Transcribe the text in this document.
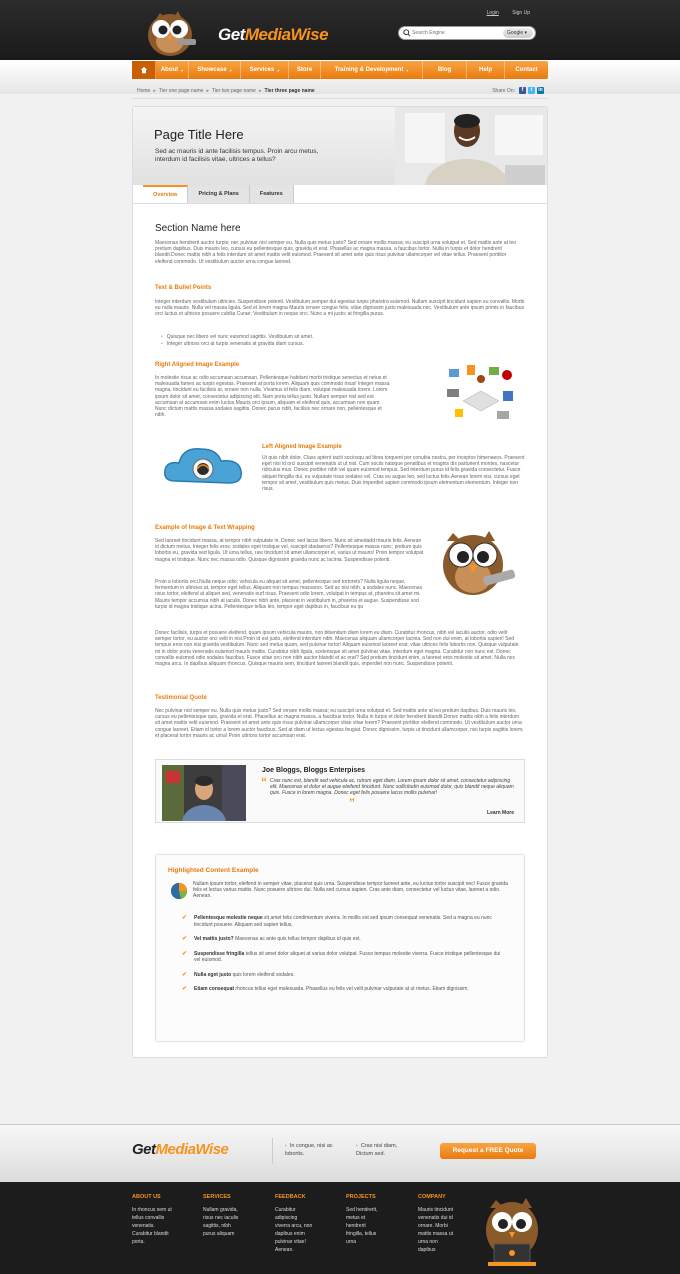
GetMediaWise
Login	Sign Up
Search Engine
Google ▾
About ▾ Showcase ▾	Services ▾	Store	Training & Development ▾	Blog	Help	Contact
Home ▸ Tier one page name ▸ Tier two page name ▸ Tier three page name	Share On:	f	t	in
Page Title Here
Sed ac mauris id ante facilisis tempus. Proin arcu metus, interdum id facilisis vitae, ultrices a tellus?
Overview	Pricing & Plans	Features
Section Name here
Maecenas hendrerit auctor turpis; nec pulvinar nisl semper eu. Nulla quis metus justo? Sed ornare mollis massa; eu suscipit urna volutpat et. Sed mattis ante at leo pretium dapibus. Duis mauris leo, cursus eu pellentesque quis, gravida et erat. Phasellus ac magna massa, a faucibus tortor. Nulla in turpis et dolor hendrerit blandit.Donec mattis nibh a felis interdum sit amet mattis velit euismod. Praesent sit amet ante quis risus pulvinar ullamcorper vel vitae tellus. Praesent porttitor eleifend commodo. Ut vestibulum auctor urna congue laoreet.
Text & Bullet Points
Integer interdum vestibulum ultricies. Suspendisse potenti. Vestibulum semper dui egestas turpis pharetra euismod. Nullam suscipit tincidunt sapien eu convallis. Morbi eu nulla mauris. Nulla vel massa ligula. Sed et lorem magna Mauris ornare congue felis, vitae dignissim justo malesuada nec. Vestibulum ante ipsum primis in faucibus orci luctus et ultrices posuere cubilia Curae; Vestibulum in neque orci. Nunc a mi justo; at fringilla purus.
• Quisque nec libero vel nunc euismod sagittis. Vestibulum sit amet.
• Integer ultrices orci at turpis venenatis at gravida diam cursus.
Right Aligned Image Example
In molestie risus ac odio accumsan accumsan. Pellentesque habitant morbi tristique senectus et netus et malesuada fames ac turpis egestas. Praesent at porta lorem. Aliquam quis commodo risus! Integer massa magna, tincidunt eu facilisis at, ornare non nulla. Vivamus id felis diam, volutpat malesuada lorem. Lorem ipsum dolor sit amet, consectetur adipiscing elit. Nam porta tellus justo. Nullam semper nisl sed est accumsan at accumsan enim luctus.Mauris orci ipsum, aliquam et eleifend quis, accumsan non quam. Nunc dictum mattis massa sodales sagittis. Donec purus nibh, facilisis nec ornare non, pellentesque et nibh.
Left Aligned Image Example
Ut quis nibh dolor. Class aptent taciti sociosqu ad litora torquent per conubia nostra, per inceptos himenaeos. Praesent eget nisi id orci suscipit venenatis ut ut nisl. Cum sociis natoque penatibus et magnis dis parturient montes, nascetur ridiculus mus. Donec porttitor nibh vel quam euismod tempus. Sed interdum purus id felis gravida consectetur. Fusce aliquet fringilla dui, eu vulputate risus sodales vel. Cras eu augue leo, sed luctus felis.Aenean lorem nisi, cursus eget tempor sit amet, vestibulum quis metus. Duis imperdiet sapien commodo ipsum elementum elementum. Integer non risus.
Example of Image & Text Wrapping
Sed laoreet tincidunt massa, at tempor nibh vulputate in. Donec sed lacus libero. Nunc sit amedadd mauris felis. Aenean id dictum metus. Integer felis eros; sodales eget tristique vel, suscipit idadaeros? Pellentesque massa nunc; pretium quis lobortis eu, gravida sed ligula. Ut urna tellus, raw tincidunt sit amet ullamcorper et, varius ut mauris! Proin tempor volutpat magna et tristique. Nunc nec massa odio. Quisque dignissim gravida nunc ac lacinia. Suspendisse potenti.
Proin a lobortis orci.Nulla neque odio; vehicula eu aliquet sit amet, pellentesque sed tortorets? Nulla ligula neque, fermentum in ultricies at, tempor eget tellus. Aliquam non tempus massaros. Sed ac nisi nibh, a sodales nunc. Maecenas risus tortor, eleifend at aliquet sed, venenatis eurf risus. Praesent odio lorem, volutpat in tempus at, pharetra sit amet mi. Mauris tempor accumsa nibh at iaculis. Donec nibh ante, placerat in vestibulum in, pharetra et augue. Suspendisse sod turpis id magna tristique acina. Pellentesque tellus leo, tempor eget dapibus in, faucibus eu qu
Donec facilisis, turpis et posuere eleifend, quam ipsum vehicula mauris, non bibendum diam lorem eu diam. Curabitur rhoncus, nibh vel iaculis auctor, odio velit semper tortor, eu auctor orci velit in nisi.Proin id est justo, eleifend interdum nibh. Maecenas aliquam ullamcorper lacinia. Sed non dui enim, at lobortis sapien! Sed tempus eros non nisi gravida vestibulum. Nunc sed metus quam, sed pulvinar tortor! Aliquam euismod laoreet erat; vitae ultrices felis lobortis non. Quisque vulputate mi in dolor porta venenatis euismod mauris mattis. Curabitur nibh ligula, scelerisque sit amet pulvinar vitae, interdum eget magna. Curabitur non nunc est. Donec convallis euismod odio sodales faucibus. Fusce vitae orci non nibh auctor blandit et ac erat? Sed pretium tincidunt enim, a laoreet eros molestie sit amet. Nulla nec magna arcu. In dapibus aliquam rhoncus. Quisque mauris sem, tincidunt laoreet blandit quis, imperdiet non nunc. Suspendisse potenti.
Testimonial Quote
Nec pulvinar nisl semper eu. Nulla quis metus justo? Sed ornare mollis massa; eu suscipit urna volutpat et. Sed mattis ante at leo pretium dapibus. Duis mauris leo, cursus eu pellentesque quis, gravida et erat. Phasellus ac magna massa, a faucibus tortor. Nulla in turpis et dolor hendrerit blandit.Donec mattis nibh a felis interdum sit amet mattis velit euismod. Praesent sit amet ante quis risus pulvinar ullamcorper vitae vitae lorem? Praesent porttitor eleifend commodo. Ut vestibulum auctor urna congue laoreet. Etiam id tortor a lorem auctor faucibus. Sed at diam ut lectus egestas feugiat. Donec dignissim, turpis ut tincidunt ullamcorper, nisi turpis sagittis lorem, et placerat tortor mauris ac urna! Proin ultrices tortor accumsan erat.
Joe Bloggs, Bloggs Enterpises
“ Cras nunc est, blandit sed vehicula ac, rutrum eget diam. Lorem ipsum dolor sit amet, consectetur adipiscing elit. Maecenas et dolor et augue eleifend tincidunt. Nunc sollicitudin euismod dolor, quis blandit neque aliquam quis. Fusce in lorem magna. Donec eget felis posuere lacus mollis pulvinar!
”
Learn More
Highlighted Content Example
Nullam ipsum tortor, eleifend in semper vitae, placerat quis urna. Suspendisse tempor laoreet ante, eu luctus tortor suscipit nec! Fusce gravida felis et lectus varius mattis. Nunc posuere ultrices dui. Nulla sed cursus sapien. Cras ante diam, consectetur vel luctus vitae, laoreet a odio. Aenean.
✔ Pellentesque molestie neque sit amet felis condimentum viverra. In mollis est sed ipsum consequat venenatis. Sed a magna eu nunc tincidunt posuere. Aliquam sed sapien tellus,
✔ Vel mattis justo? Maecenas ac ante quis tellus tempor dapibus id quis est.
✔ Suspendisse fringilla tellus sit amet dolor aliquet at varius dolor volutpat. Fusce tempus molestie viverra. Fusce tristique pellentesque dui vel euismod.
✔ Nulla eget justo quis lorem eleifend sodales.
✔ Etiam consequat rhoncus tellus eget malesuada. Phasellus eu felis vel velit pulvinar vulputate at ut metus. Etiam dignissim.
GetMediaWise	› In congue, nisi ac lobortis.
› Cras nisi diam, Dictum sed.	Request a FREE Quote
ABOUT US
In rhoncus sem ut tellus convallis venenatis. Curabitur blandit porta.
SERVICES
Nullam gravida, risus nec iaculis sagittis, nibh purus aliquam
FEEDBACK
Curabitur adipiscing viverra arcu, non dapibus enim pulvinar vitae! Aenean.
PROJECTS
Sed hendrerit, metus et hendrerit fringilla, tellus urna
COMPANY
Mauris tincidunt venenatis dui id ornare. Morbi mattis massa ut urna non dapibus
